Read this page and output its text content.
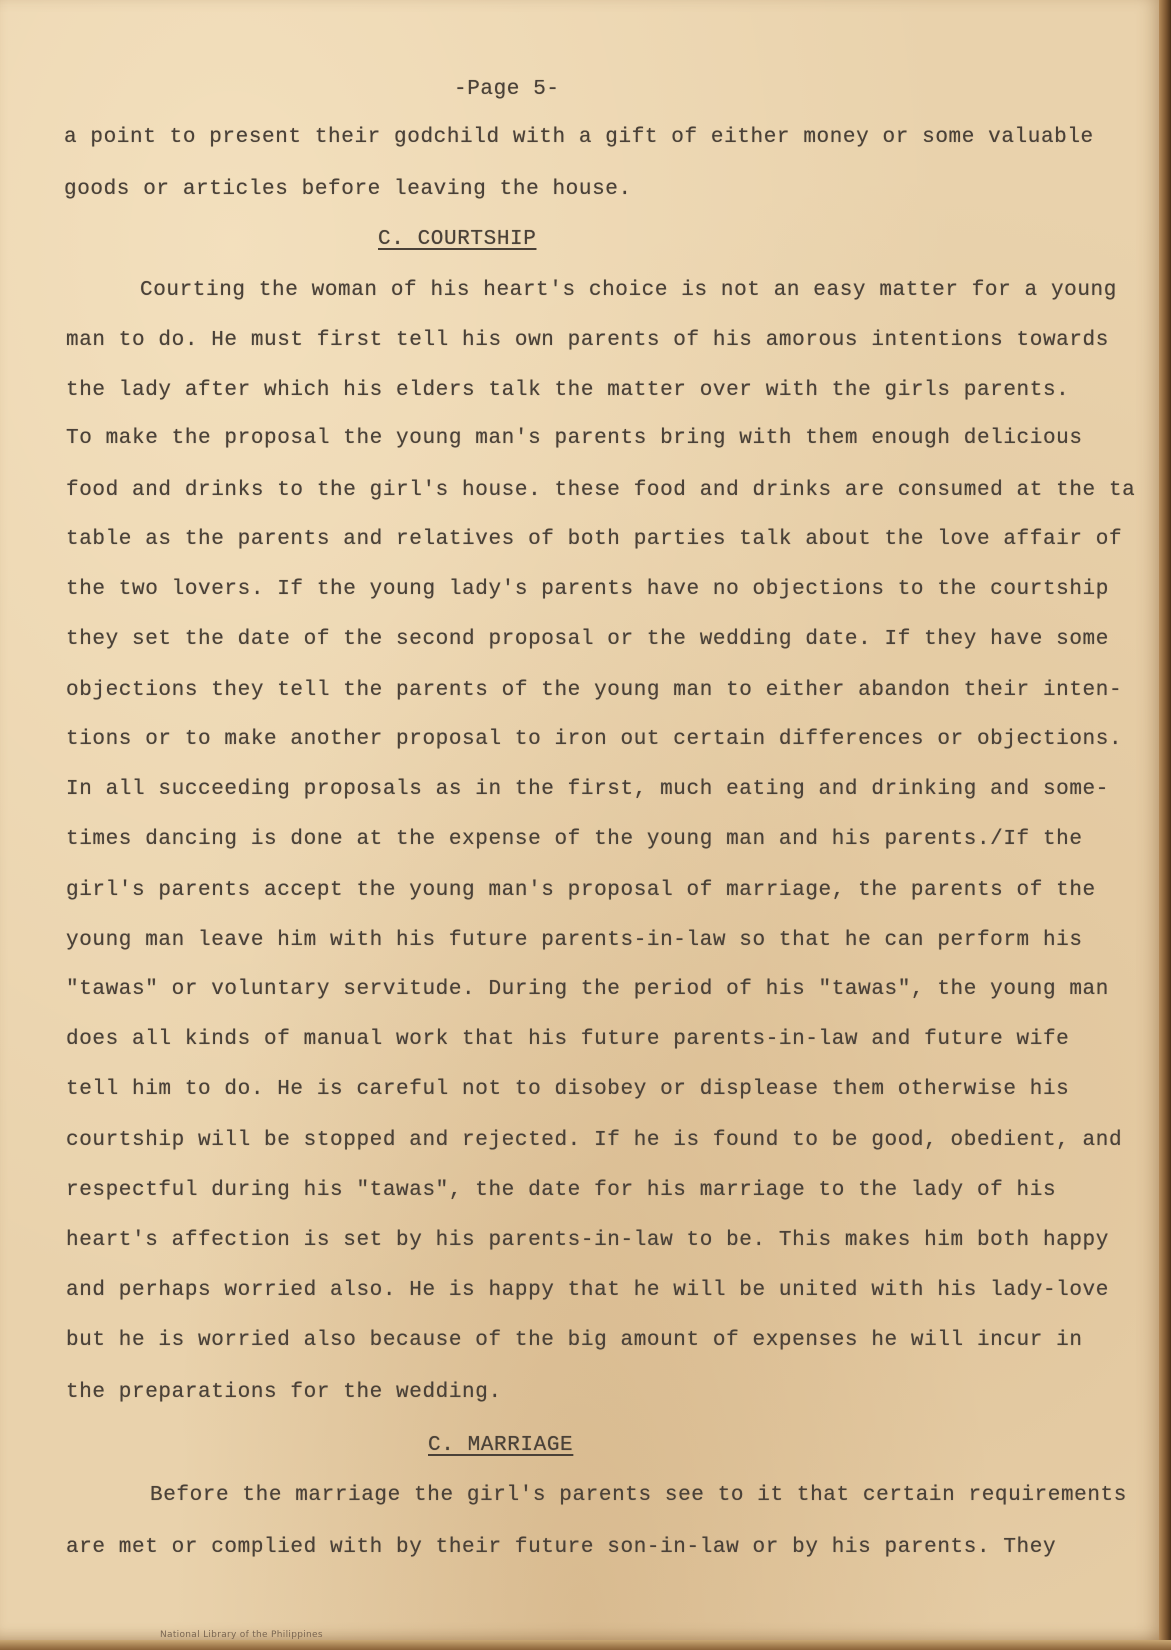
-Page 5-
a point to present their godchild with a gift of either money or some valuable
goods or articles before leaving the house.
C. COURTSHIP
Courting the woman of his heart's choice is not an easy matter for a young
man to do. He must first tell his own parents of his amorous intentions towards
the lady after which his elders talk the matter over with the girls parents.
To make the proposal the young man's parents bring with them enough delicious
food and drinks to the girl's house. these food and drinks are consumed at the ta
table as the parents and relatives of both parties talk about the love affair of
the two lovers. If the young lady's parents have no objections to the courtship
they set the date of the second proposal or the wedding date. If they have some
objections they tell the parents of the young man to either abandon their inten-
tions or to make another proposal to iron out certain differences or objections.
In all succeeding proposals as in the first, much eating and drinking and some-
times dancing is done at the expense of the young man and his parents./If the
girl's parents accept the young man's proposal of marriage, the parents of the
young man leave him with his future parents-in-law so that he can perform his
"tawas" or voluntary servitude. During the period of his "tawas", the young man
does all kinds of manual work that his future parents-in-law and future wife
tell him to do. He is careful not to disobey or displease them otherwise his
courtship will be stopped and rejected. If he is found to be good, obedient, and
respectful during his "tawas", the date for his marriage to the lady of his
heart's affection is set by his parents-in-law to be. This makes him both happy
and perhaps worried also. He is happy that he will be united with his lady-love
but he is worried also because of the big amount of expenses he will incur in
the preparations for the wedding.
C. MARRIAGE
Before the marriage the girl's parents see to it that certain requirements
are met or complied with by their future son-in-law or by his parents. They
National Library of the Philippines
